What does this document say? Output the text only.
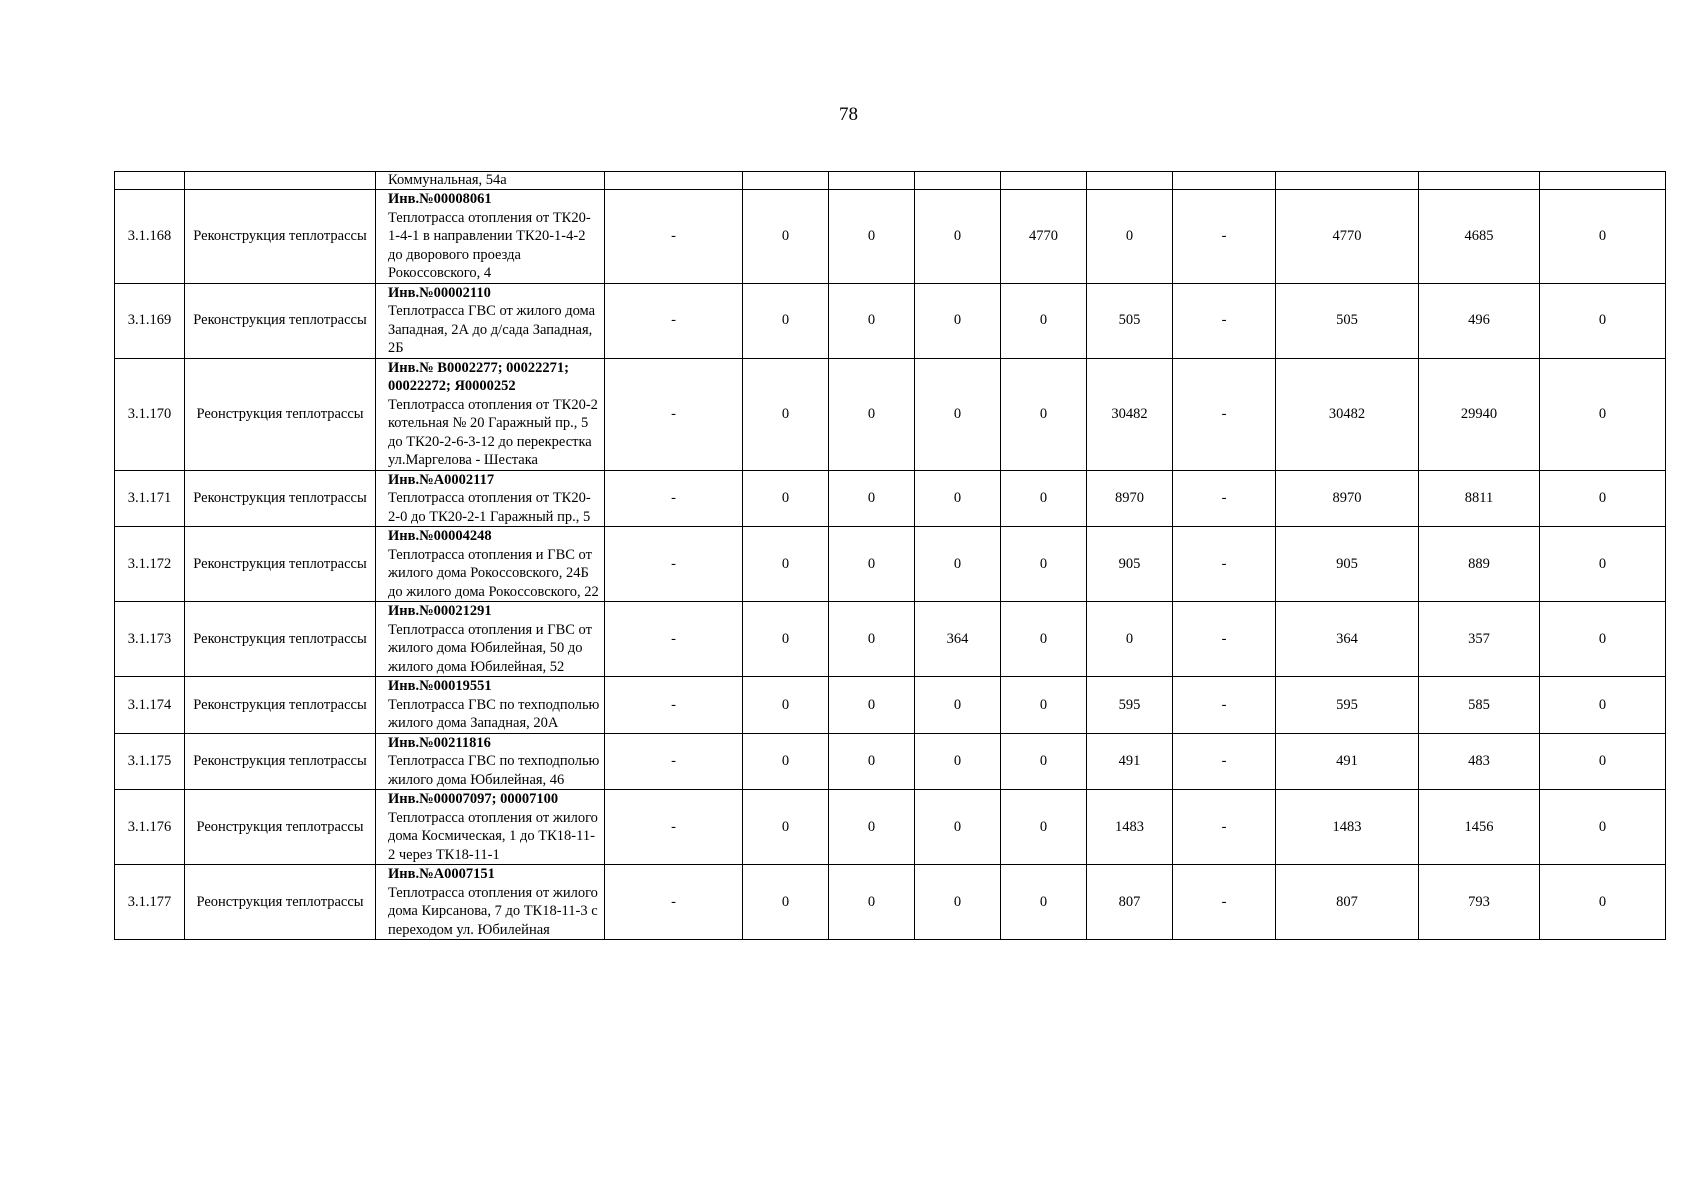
78
		Коммунальная, 54а										
3.1.168	Реконструкция теплотрассы	Инв.№00008061
Теплотрасса отопления от ТК20-1-4-1 в направлении ТК20-1-4-2 до дворового проезда Рокоссовского, 4	-	0	0	0	4770	0	-	4770	4685	0
3.1.169	Реконструкция теплотрассы	Инв.№00002110
Теплотрасса ГВС от жилого дома Западная, 2А до д/сада Западная, 2Б	-	0	0	0	0	505	-	505	496	0
3.1.170	Реонструкция теплотрассы	Инв.№ В0002277; 00022271; 00022272; Я0000252
Теплотрасса отопления от ТК20-2 котельная № 20 Гаражный пр., 5 до ТК20-2-6-3-12 до перекрестка ул.Маргелова - Шестака	-	0	0	0	0	30482	-	30482	29940	0
3.1.171	Реконструкция теплотрассы	Инв.№А0002117
Теплотрасса отопления от ТК20-2-0 до ТК20-2-1 Гаражный пр., 5	-	0	0	0	0	8970	-	8970	8811	0
3.1.172	Реконструкция теплотрассы	Инв.№00004248
Теплотрасса отопления и ГВС от жилого дома Рокоссовского, 24Б до жилого дома Рокоссовского, 22	-	0	0	0	0	905	-	905	889	0
3.1.173	Реконструкция теплотрассы	Инв.№00021291
Теплотрасса отопления и ГВС от жилого дома Юбилейная, 50 до жилого дома Юбилейная, 52	-	0	0	364	0	0	-	364	357	0
3.1.174	Реконструкция теплотрассы	Инв.№00019551
Теплотрасса ГВС по техподполью жилого дома Западная, 20А	-	0	0	0	0	595	-	595	585	0
3.1.175	Реконструкция теплотрассы	Инв.№00211816
Теплотрасса ГВС по техподполью жилого дома Юбилейная, 46	-	0	0	0	0	491	-	491	483	0
3.1.176	Реонструкция теплотрассы	Инв.№00007097; 00007100
Теплотрасса отопления от жилого дома Космическая, 1 до ТК18-11-2 через ТК18-11-1	-	0	0	0	0	1483	-	1483	1456	0
3.1.177	Реонструкция теплотрассы	Инв.№А0007151
Теплотрасса отопления от жилого дома Кирсанова, 7 до ТК18-11-3 с переходом ул. Юбилейная	-	0	0	0	0	807	-	807	793	0
